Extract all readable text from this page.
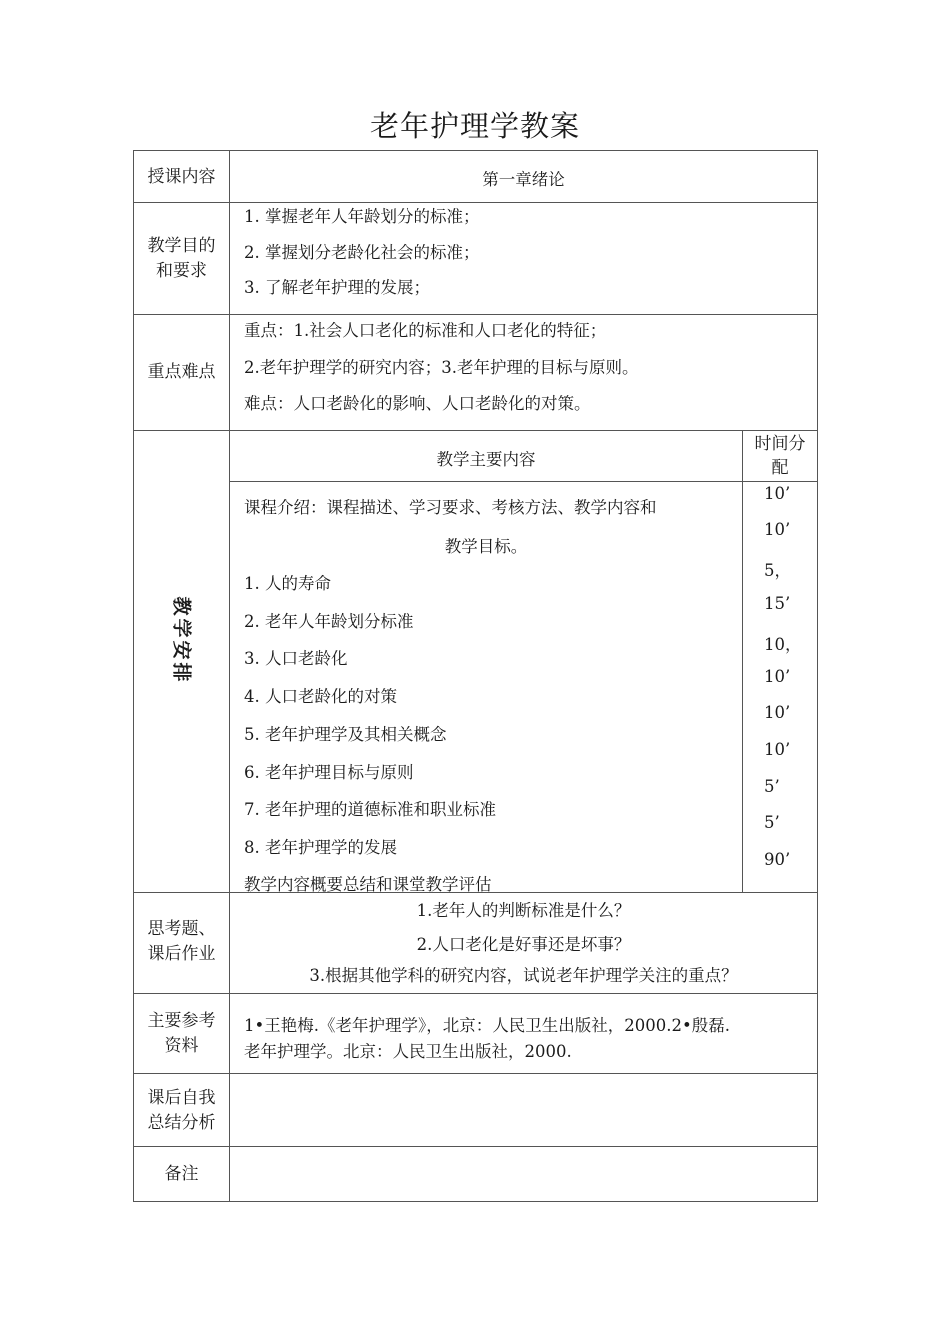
老年护理学教案
授课内容	第一章绪论
教学目的
和要求
1. 掌握老年人年龄划分的标准；
2. 掌握划分老龄化社会的标准；
3. 了解老年护理的发展；
重点难点
重点：1.社会人口老化的标准和人口老化的特征；
2.老年护理学的研究内容；3.老年护理的目标与原则。
难点：人口老龄化的影响、人口老龄化的对策。
教
学
安
排
教学主要内容
时间分
配
课程介绍：课程描述、学习要求、考核方法、教学内容和
教学目标。
1. 人的寿命
2. 老年人年龄划分标准
3. 人口老龄化
4. 人口老龄化的对策
5. 老年护理学及其相关概念
6. 老年护理目标与原则
7. 老年护理的道德标准和职业标准
8. 老年护理学的发展
教学内容概要总结和课堂教学评估
10’
10’
5，
15’
10，
10’
10’
10’
5’
5’
90’
思考题、
课后作业
1.老年人的判断标准是什么？
2.人口老化是好事还是坏事？
3.根据其他学科的研究内容，试说老年护理学关注的重点？
主要参考
资料
1•王艳梅.《老年护理学》，北京：人民卫生出版社，2000.2•殷磊.
老年护理学。北京：人民卫生出版社，2000.
课后自我
总结分析
备注
